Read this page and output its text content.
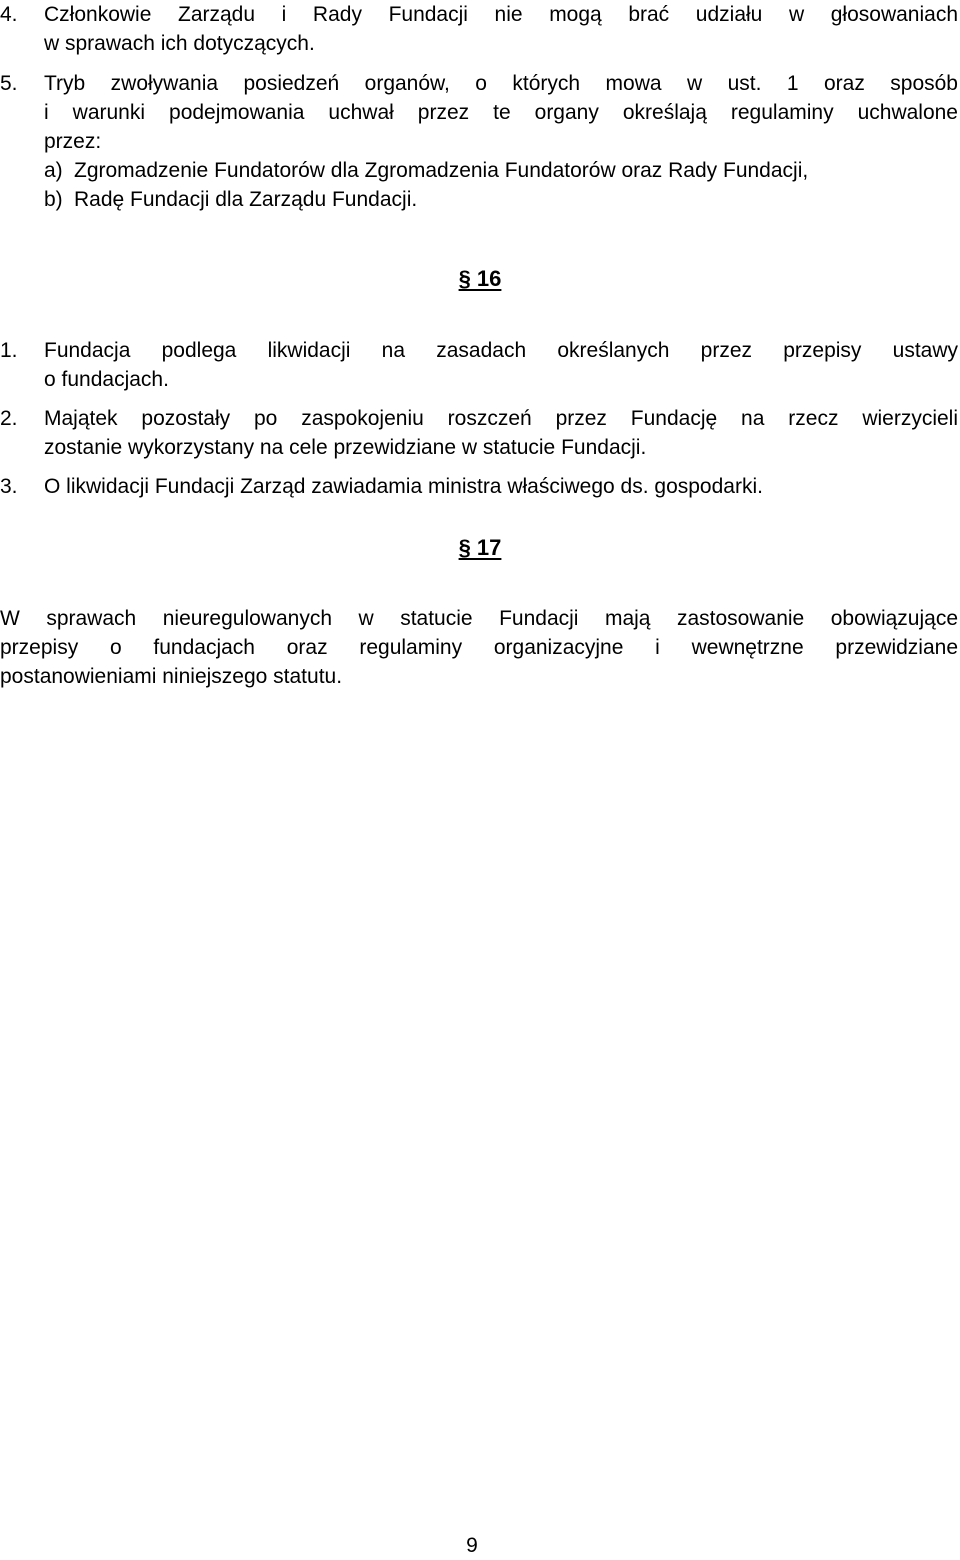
4. Członkowie Zarządu i Rady Fundacji nie mogą brać udziału w głosowaniach

w sprawach ich dotyczących.

5. Tryb zwoływania posiedzeń organów, o których mowa w ust. 1 oraz sposób

i warunki podejmowania uchwał przez te organy określają regulaminy uchwalone

przez:

a) Zgromadzenie Fundatorów dla Zgromadzenia Fundatorów oraz Rady Fundacji,
b) Radę Fundacji dla Zarządu Fundacji.
§ 16
1. Fundacja podlega likwidacji na zasadach określanych przez przepisy ustawy

o fundacjach.

2. Majątek pozostały po zaspokojeniu roszczeń przez Fundację na rzecz wierzycieli

zostanie wykorzystany na cele przewidziane w statucie Fundacji.

3. O likwidacji Fundacji Zarząd zawiadamia ministra właściwego ds. gospodarki.

§ 17

W sprawach nieuregulowanych w statucie Fundacji mają zastosowanie obowiązujące

przepisy o fundacjach oraz regulaminy organizacyjne i wewnętrzne przewidziane

postanowieniami niniejszego statutu.

9
